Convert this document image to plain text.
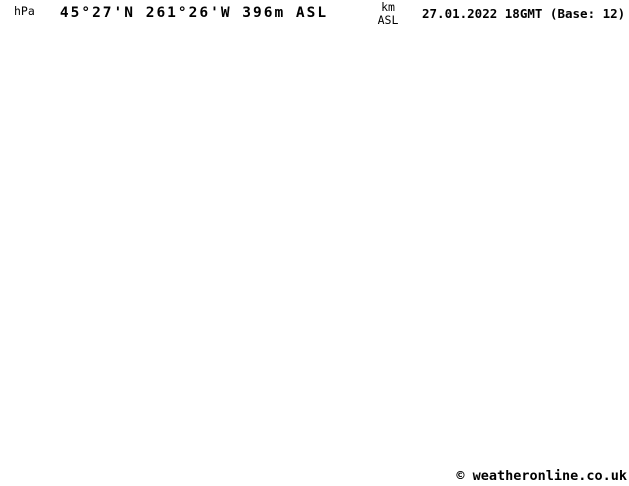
hPa	45°27'N 261°26'W 396m ASL	km
ASL	27.01.2022 18GMT (Base: 12)
© weatheronline.co.uk
